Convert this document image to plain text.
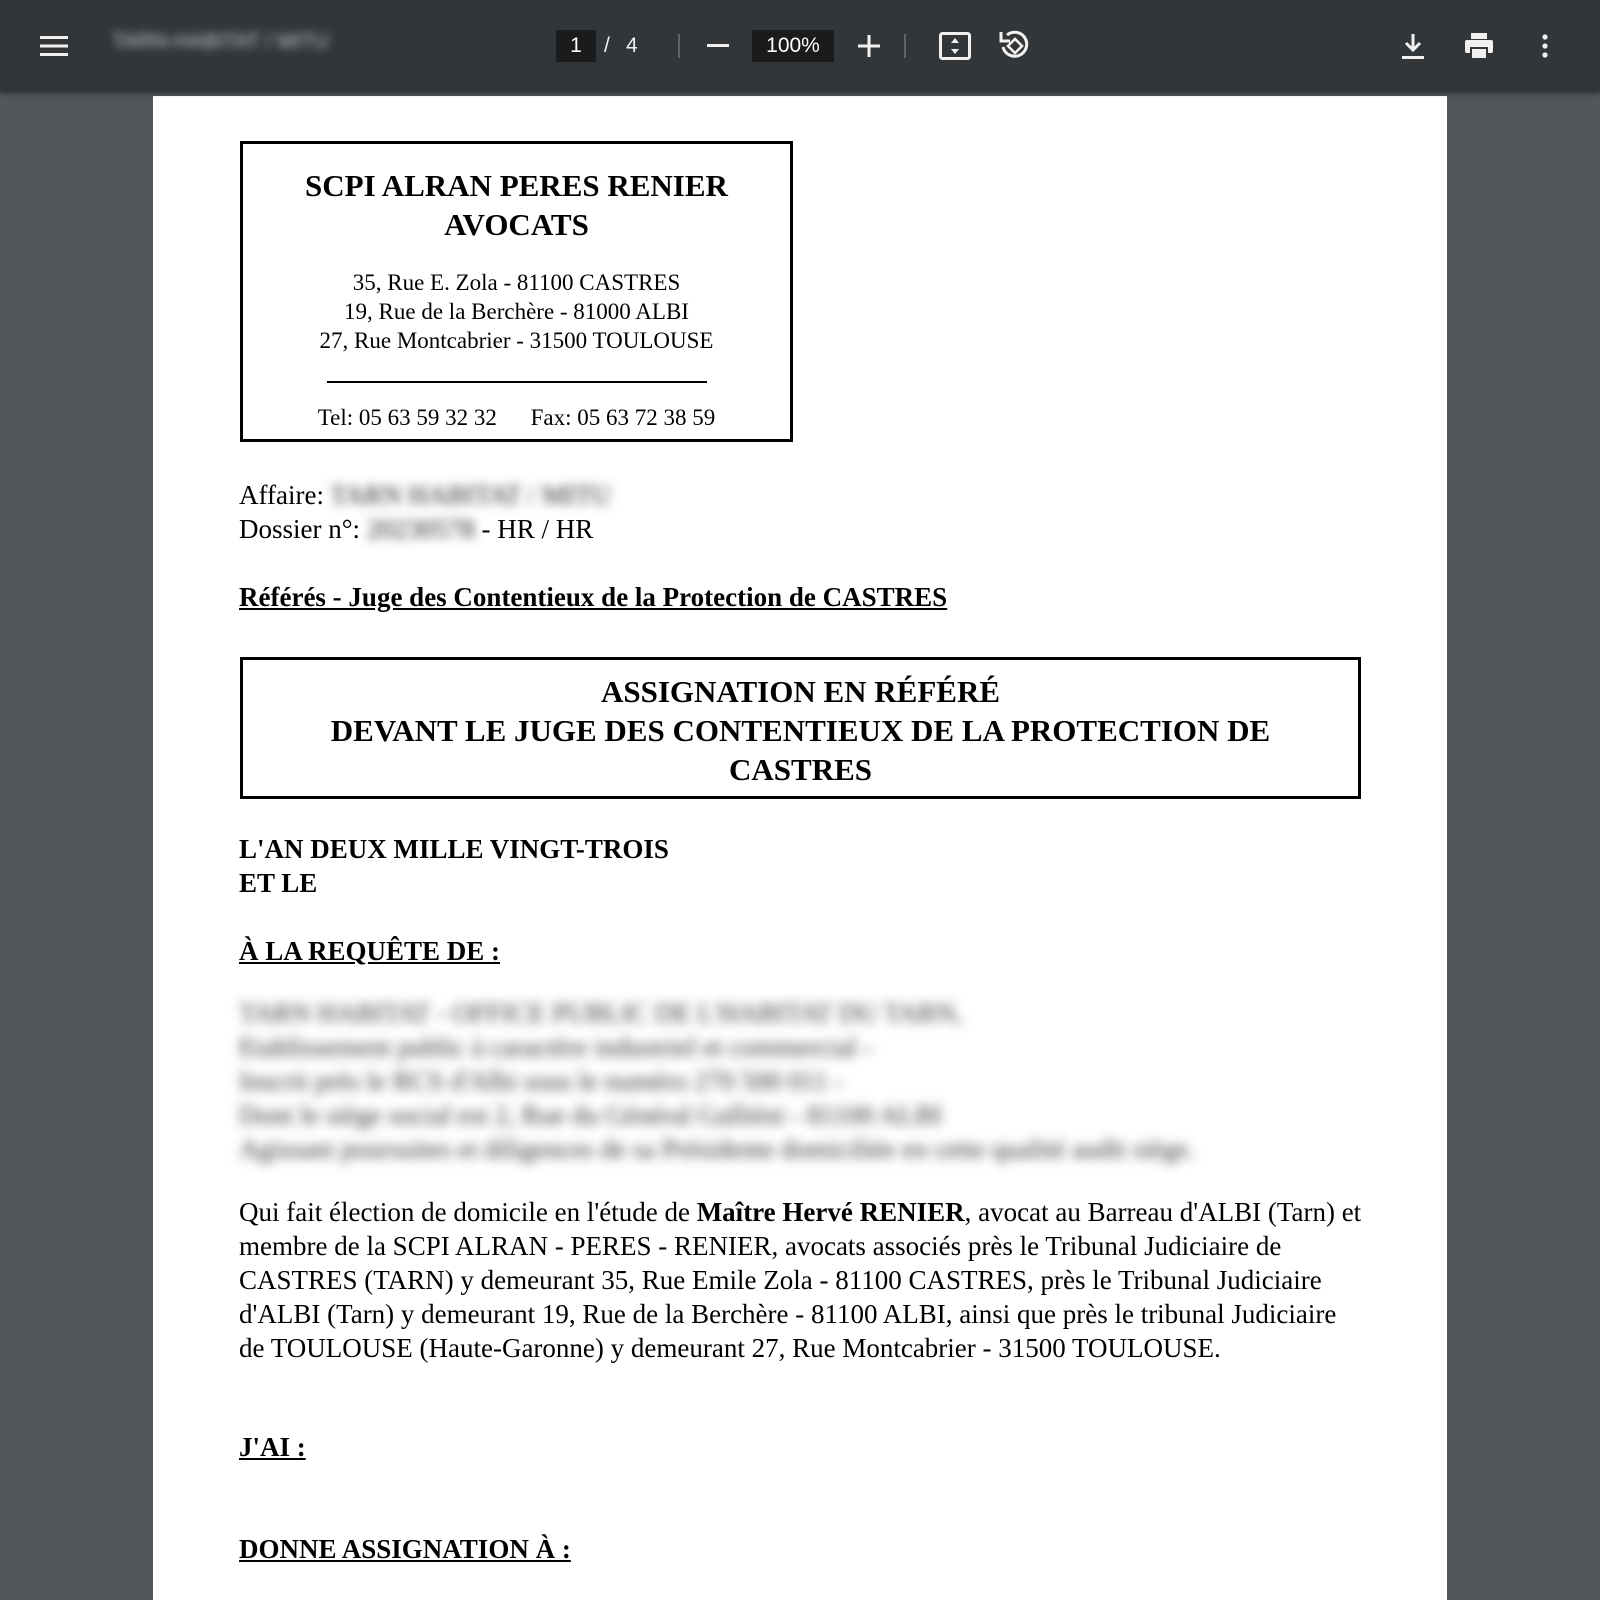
TARN-HABITAT / MITU	1	/ 4	100%
SCPI ALRAN PERES RENIER
AVOCATS
35, Rue E. Zola - 81100 CASTRES
19, Rue de la Berchère - 81000 ALBI
27, Rue Montcabrier - 31500 TOULOUSE
Tel: 05 63 59 32 32 Fax: 05 63 72 38 59
Affaire: TARN HABITAT / MITU
Dossier n°: 20230578 - HR / HR
Référés - Juge des Contentieux de la Protection de CASTRES
ASSIGNATION EN RÉFÉRÉ
DEVANT LE JUGE DES CONTENTIEUX DE LA PROTECTION DE
CASTRES
L'AN DEUX MILLE VINGT-TROIS
ET LE
À LA REQUÊTE DE :
TARN HABITAT - OFFICE PUBLIC DE L'HABITAT DU TARN,
Etablissement public à caractère industriel et commercial -
Inscrit près le RCS d'Albi sous le numéro 270 500 011 -
Dont le siège social est 2, Rue du Général Galliéni - 81100 ALBI
Agissant poursuites et diligences de sa Présidente domiciliée en cette qualité audit siège.
Qui fait élection de domicile en l'étude de Maître Hervé RENIER, avocat au Barreau d'ALBI (Tarn) et membre de la SCPI ALRAN - PERES - RENIER, avocats associés près le Tribunal Judiciaire de CASTRES (TARN) y demeurant 35, Rue Emile Zola - 81100 CASTRES, près le Tribunal Judiciaire d'ALBI (Tarn) y demeurant 19, Rue de la Berchère - 81100 ALBI, ainsi que près le tribunal Judiciaire de TOULOUSE (Haute-Garonne) y demeurant 27, Rue Montcabrier - 31500 TOULOUSE.
J'AI :
DONNE ASSIGNATION À :
